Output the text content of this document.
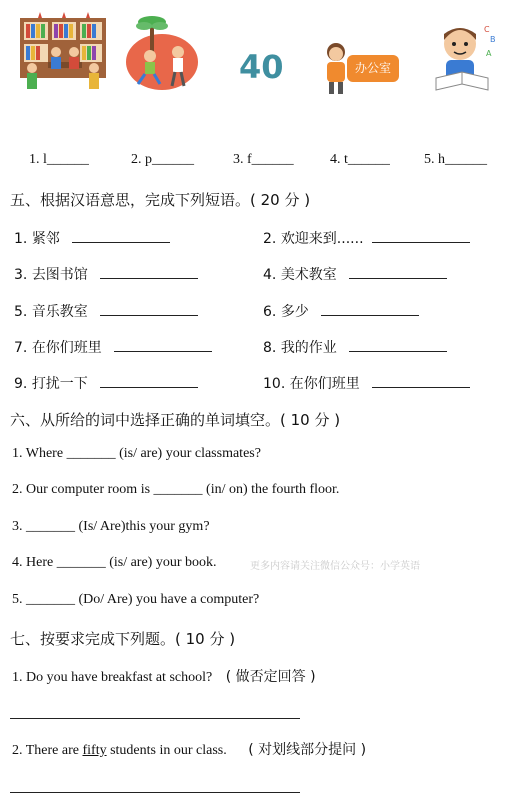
40	办公室
C
B
A
1. l______	2. p______	3. f______	4. t______ 5. h______
五、根据汉语意思，完成下列短语。( 20 分 )
1. 紧邻	2. 欢迎来到......
3. 去图书馆	4. 美术教室
5. 音乐教室	6. 多少
7. 在你们班里	8. 我的作业
9. 打扰一下	10. 在你们班里
六、从所给的词中选择正确的单词填空。( 10 分 )
1. Where _______ (is/ are) your classmates?
2. Our computer room is _______ (in/ on) the fourth floor.
3. _______ (Is/ Are)this your gym?
4. Here _______ (is/ are) your book.
5. _______ (Do/ Are) you have a computer?
更多内容请关注微信公众号：小学英语
七、按要求完成下列题。( 10 分 )
1. Do you have breakfast at school? ( 做否定回答 )
2. There are fifty students in our class. ( 对划线部分提问 )
